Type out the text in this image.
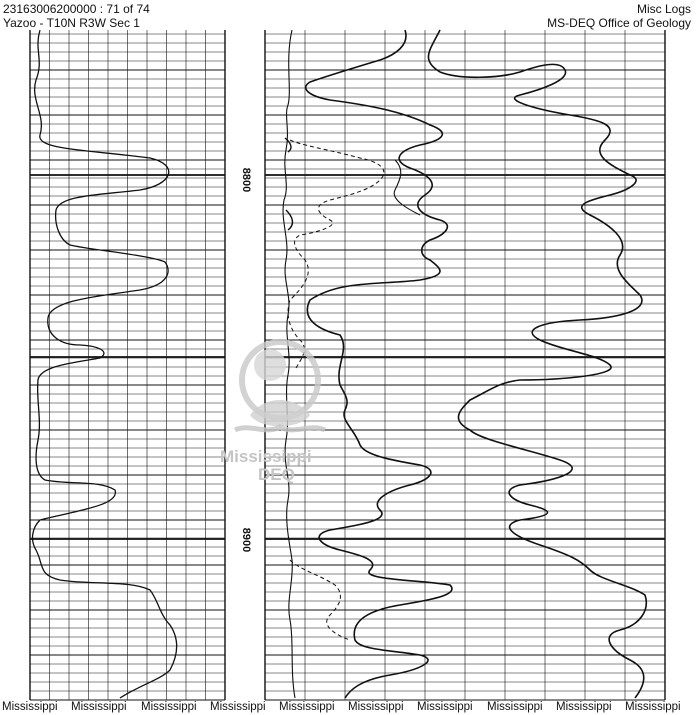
23163006200000 : 71 of 74
Yazoo - T10N R3W Sec 1
Misc Logs
MS-DEQ Office of Geology
8800
8900
Mississippi
DEQ
Mississippi Mississippi Mississippi Mississippi Mississippi Mississippi Mississippi Mississippi Mississippi Mississippi
